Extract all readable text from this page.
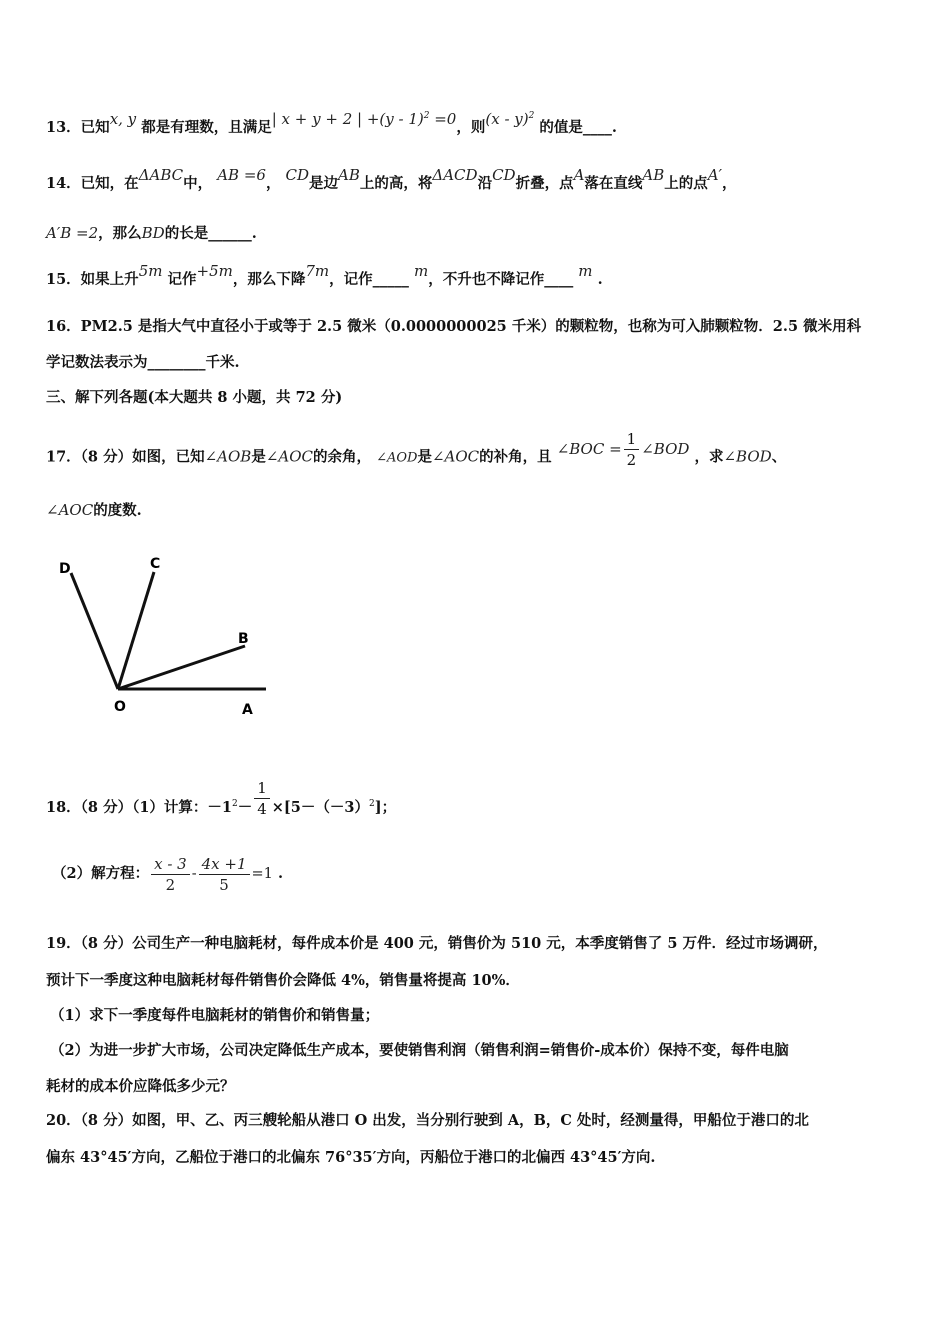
13．已知x, y 都是有理数，且满足| x + y + 2 | +(y - 1)$^2$ =0，则(x - y)$^2$ 的值是____.
14．已知，在ΔABC中， AB =6， CD是边AB上的高，将ΔACD沿CD折叠，点A落在直线AB上的点A′，
A′B =2，那么BD的长是______.
15．如果上升5m 记作+5m，那么下降7m，记作_____ m，不升也不降记作____ m .
16．PM2.5 是指大气中直径小于或等于 2.5 微米（0.0000000025 千米）的颗粒物，也称为可入肺颗粒物．2.5 微米用科
学记数法表示为________千米.
三、解下列各题(本大题共 8 小题，共 72 分)
17．（8 分）如图，已知∠AOB是∠AOC的余角， ∠AOD是∠AOC的补角，且 ∠BOC = $\frac{1}{2}$ ∠BOD ，求∠BOD、
∠AOC的度数.
D	C
B
O	A
18．（8 分）（1）计算：$-1^2- \frac{1}{4} \times[5-(-3)^2]$；
（2）解方程： $\frac{x - 3}{2} - \frac{4x +1}{5} =1$ .
19．（8 分）公司生产一种电脑耗材，每件成本价是 400 元，销售价为 510 元，本季度销售了 5 万件．经过市场调研，
预计下一季度这种电脑耗材每件销售价会降低 4%，销售量将提高 10%．
（1）求下一季度每件电脑耗材的销售价和销售量；
（2）为进一步扩大市场，公司决定降低生产成本，要使销售利润（销售利润=销售价-成本价）保持不变，每件电脑
耗材的成本价应降低多少元？
20．（8 分）如图，甲、乙、丙三艘轮船从港口 O 出发，当分别行驶到 A，B，C 处时，经测量得，甲船位于港口的北
偏东 43°45′方向，乙船位于港口的北偏东 76°35′方向，丙船位于港口的北偏西 43°45′方向.
